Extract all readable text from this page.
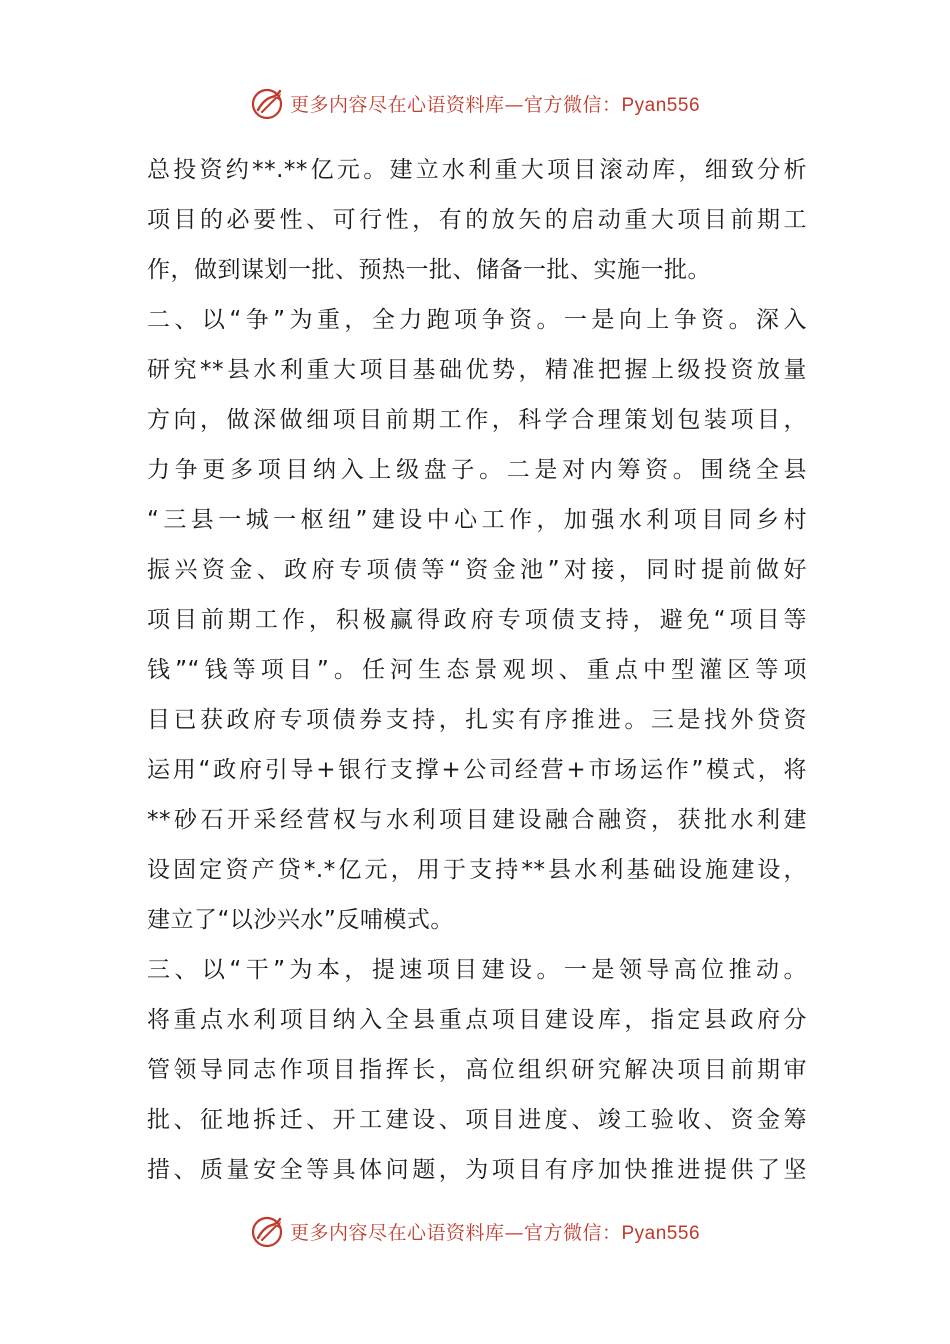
更多内容尽在心语资料库—官方微信：Pyan556
总投资约**.**亿元。建立水利重大项目滚动库，细致分析
项目的必要性、可行性，有的放矢的启动重大项目前期工
作，做到谋划一批、预热一批、储备一批、实施一批。
二、以“争”为重，全力跑项争资。一是向上争资。深入
研究**县水利重大项目基础优势，精准把握上级投资放量
方向，做深做细项目前期工作，科学合理策划包装项目，
力争更多项目纳入上级盘子。二是对内筹资。围绕全县
“三县一城一枢纽”建设中心工作，加强水利项目同乡村
振兴资金、政府专项债等“资金池”对接，同时提前做好
项目前期工作，积极赢得政府专项债支持，避免“项目等
钱”“钱等项目”。任河生态景观坝、重点中型灌区等项
目已获政府专项债券支持，扎实有序推进。三是找外贷资
运用“政府引导+银行支撑+公司经营+市场运作”模式，将
**砂石开采经营权与水利项目建设融合融资，获批水利建
设固定资产贷*.*亿元，用于支持**县水利基础设施建设，
建立了“以沙兴水”反哺模式。
三、以“干”为本，提速项目建设。一是领导高位推动。
将重点水利项目纳入全县重点项目建设库，指定县政府分
管领导同志作项目指挥长，高位组织研究解决项目前期审
批、征地拆迁、开工建设、项目进度、竣工验收、资金筹
措、质量安全等具体问题，为项目有序加快推进提供了坚
更多内容尽在心语资料库—官方微信：Pyan556
